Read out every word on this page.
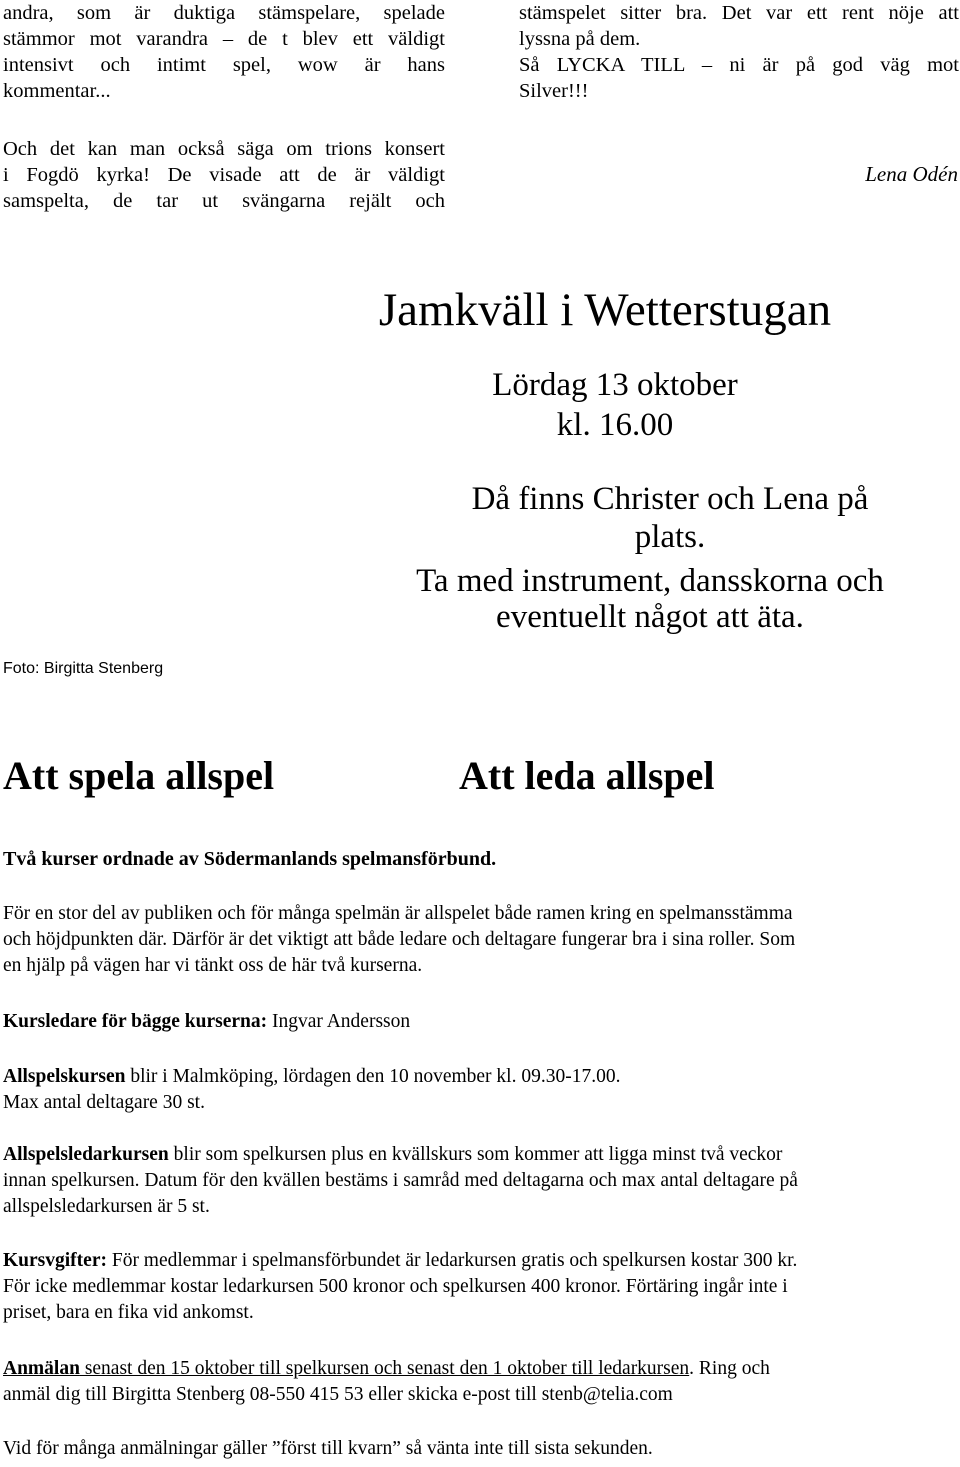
andra, som är duktiga stämspelare, spelade
stämmor mot varandra – de t blev ett väldigt
intensivt och intimt spel, wow är hans
kommentar...
Och det kan man också säga om trions konsert
i Fogdö kyrka! De visade att de är väldigt
samspelta, de tar ut svängarna rejält och
stämspelet sitter bra. Det var ett rent nöje att
lyssna på dem.
Så LYCKA TILL – ni är på god väg mot
Silver!!!
Lena Odén
Jamkväll i Wetterstugan
Lördag 13 oktober
kl. 16.00
Då finns Christer och Lena på plats.
Ta med instrument, dansskorna och
eventuellt något att äta.
Foto: Birgitta Stenberg
Att spela allspel	Att leda allspel
Två kurser ordnade av Södermanlands spelmansförbund.
För en stor del av publiken och för många spelmän är allspelet både ramen kring en spelmansstämma
och höjdpunkten där. Därför är det viktigt att både ledare och deltagare fungerar bra i sina roller. Som
en hjälp på vägen har vi tänkt oss de här två kurserna.
Kursledare för bägge kurserna: Ingvar Andersson
Allspelskursen blir i Malmköping, lördagen den 10 november kl. 09.30-17.00.
Max antal deltagare 30 st.
Allspelsledarkursen blir som spelkursen plus en kvällskurs som kommer att ligga minst två veckor
innan spelkursen. Datum för den kvällen bestäms i samråd med deltagarna och max antal deltagare på
allspelsledarkursen är 5 st.
Kursvgifter: För medlemmar i spelmansförbundet är ledarkursen gratis och spelkursen kostar 300 kr.
För icke medlemmar kostar ledarkursen 500 kronor och spelkursen 400 kronor. Förtäring ingår inte i
priset, bara en fika vid ankomst.
Anmälan senast den 15 oktober till spelkursen och senast den 1 oktober till ledarkursen. Ring och
anmäl dig till Birgitta Stenberg 08-550 415 53 eller skicka e-post till stenb@telia.com
Vid för många anmälningar gäller ”först till kvarn” så vänta inte till sista sekunden.
